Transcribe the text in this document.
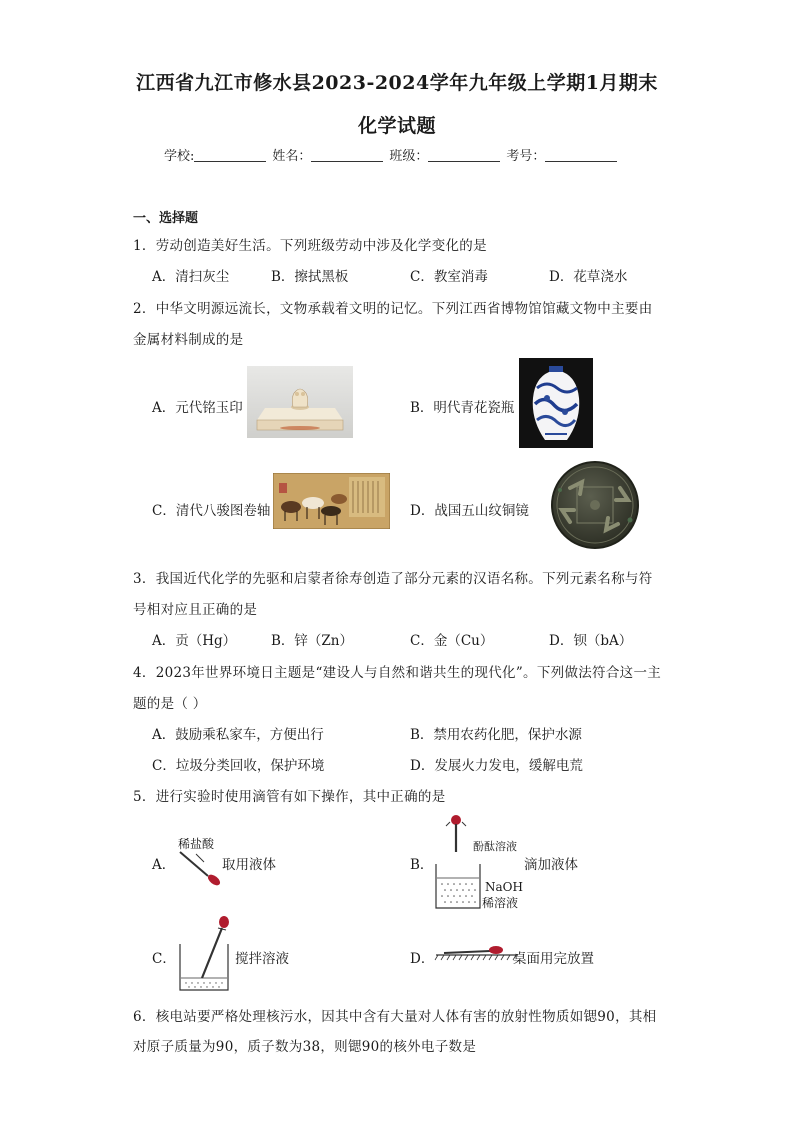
江西省九江市修水县2023-2024学年九年级上学期1月期末
化学试题
学校:	姓名：	班级：	考号：
一、选择题
1．劳动创造美好生活。下列班级劳动中涉及化学变化的是
A．清扫灰尘	B．擦拭黑板	C．教室消毒	D．花草浇水
2．中华文明源远流长，文物承载着文明的记忆。下列江西省博物馆馆藏文物中主要由
金属材料制成的是
A．元代铭玉印	B．明代青花瓷瓶
C．清代八骏图卷轴	D．战国五山纹铜镜
3．我国近代化学的先驱和启蒙者徐寿创造了部分元素的汉语名称。下列元素名称与符
号相对应且正确的是
A．贡（Hg）	B．锌（Zn）	C．金（Cu）	D．钡（bA）
4．2023年世界环境日主题是“建设人与自然和谐共生的现代化”。下列做法符合这一主
题的是（ ）
A．鼓励乘私家车，方便出行	B．禁用农药化肥，保护水源
C．垃圾分类回收，保护环境	D．发展火力发电，缓解电荒
5．进行实验时使用滴管有如下操作，其中正确的是
A．
稀盐酸
取用液体	B．
酚酞溶液
滴加液体
NaOH
稀溶液
C．	搅拌溶液	D．	桌面用完放置
6．核电站要严格处理核污水，因其中含有大量对人体有害的放射性物质如锶90，其相
对原子质量为90，质子数为38，则锶90的核外电子数是
